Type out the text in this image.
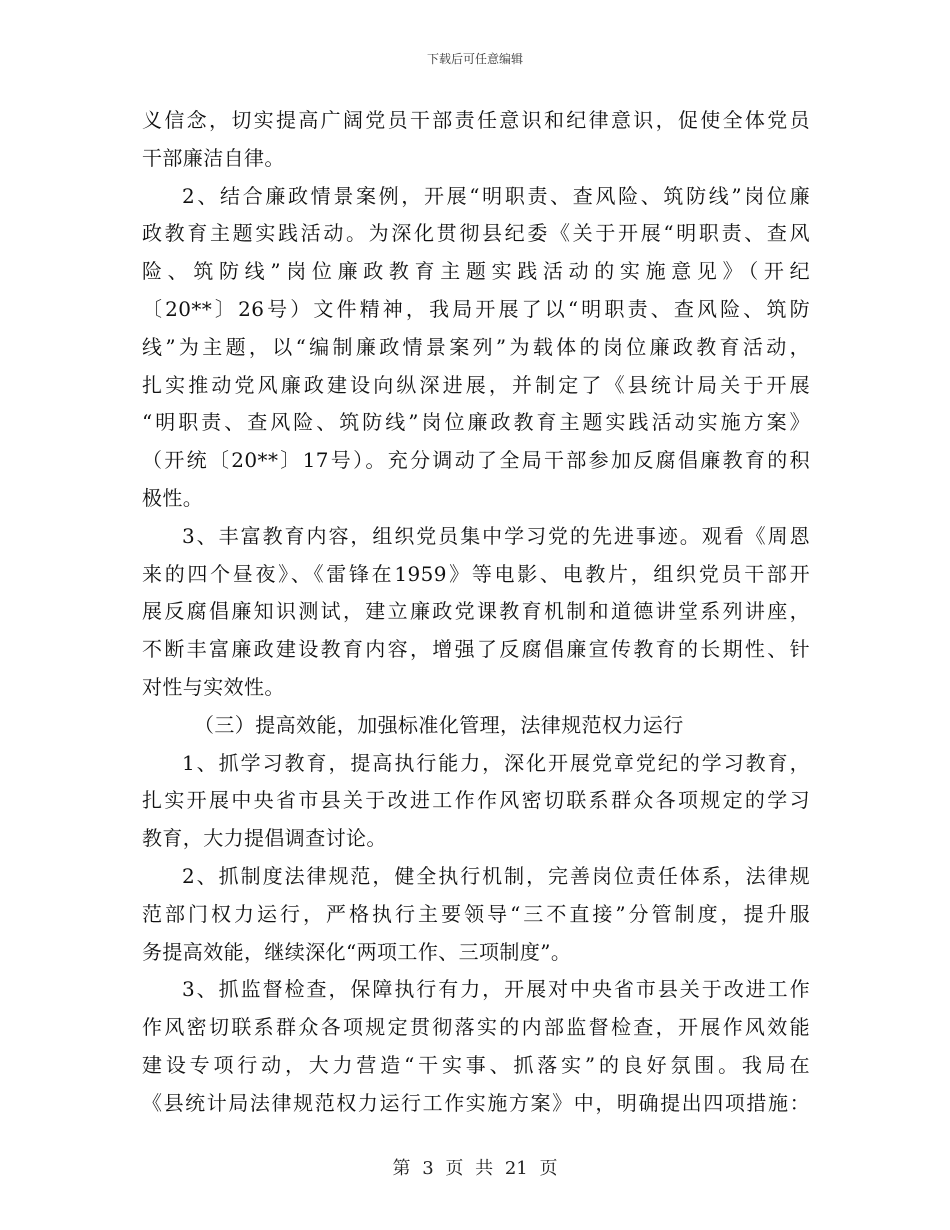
下载后可任意编辑
义信念，切实提高广阔党员干部责任意识和纪律意识，促使全体党员
干部廉洁自律。
2、结合廉政情景案例，开展“明职责、查风险、筑防线”岗位廉
政教育主题实践活动。为深化贯彻县纪委《关于开展“明职责、查风
险、筑防线”岗位廉政教育主题实践活动的实施意见》（开纪
〔20**〕26号）文件精神，我局开展了以“明职责、查风险、筑防
线”为主题，以“编制廉政情景案列”为载体的岗位廉政教育活动，
扎实推动党风廉政建设向纵深进展，并制定了《县统计局关于开展
“明职责、查风险、筑防线”岗位廉政教育主题实践活动实施方案》
（开统〔20**〕17号）。充分调动了全局干部参加反腐倡廉教育的积
极性。
3、丰富教育内容，组织党员集中学习党的先进事迹。观看《周恩
来的四个昼夜》、《雷锋在1959》等电影、电教片，组织党员干部开
展反腐倡廉知识测试，建立廉政党课教育机制和道德讲堂系列讲座，
不断丰富廉政建设教育内容，增强了反腐倡廉宣传教育的长期性、针
对性与实效性。
（三）提高效能，加强标准化管理，法律规范权力运行
1、抓学习教育，提高执行能力，深化开展党章党纪的学习教育，
扎实开展中央省市县关于改进工作作风密切联系群众各项规定的学习
教育，大力提倡调查讨论。
2、抓制度法律规范，健全执行机制，完善岗位责任体系，法律规
范部门权力运行，严格执行主要领导“三不直接”分管制度，提升服
务提高效能，继续深化“两项工作、三项制度”。
3、抓监督检查，保障执行有力，开展对中央省市县关于改进工作
作风密切联系群众各项规定贯彻落实的内部监督检查，开展作风效能
建设专项行动，大力营造“干实事、抓落实”的良好氛围。我局在
《县统计局法律规范权力运行工作实施方案》中，明确提出四项措施：
第 3 页 共 21 页
